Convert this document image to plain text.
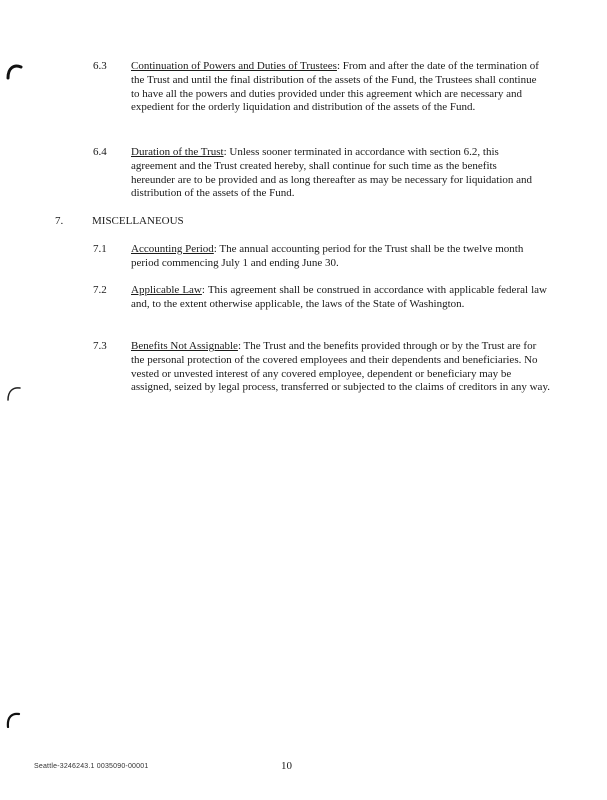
6.3 Continuation of Powers and Duties of Trustees: From and after the date of the termination of the Trust and until the final distribution of the assets of the Fund, the Trustees shall continue to have all the powers and duties provided under this agreement which are necessary and expedient for the orderly liquidation and distribution of the assets of the Fund.
6.4 Duration of the Trust: Unless sooner terminated in accordance with section 6.2, this agreement and the Trust created hereby, shall continue for such time as the benefits hereunder are to be provided and as long thereafter as may be necessary for liquidation and distribution of the assets of the Fund.
7.	MISCELLANEOUS
7.1 Accounting Period: The annual accounting period for the Trust shall be the twelve month period commencing July 1 and ending June 30.
7.2 Applicable Law: This agreement shall be construed in accordance with applicable federal law and, to the extent otherwise applicable, the laws of the State of Washington.
7.3 Benefits Not Assignable: The Trust and the benefits provided through or by the Trust are for the personal protection of the covered employees and their dependents and beneficiaries. No vested or unvested interest of any covered employee, dependent or beneficiary may be assigned, seized by legal process, transferred or subjected to the claims of creditors in any way.
Seattle-3246243.1 0035090-00001	10
